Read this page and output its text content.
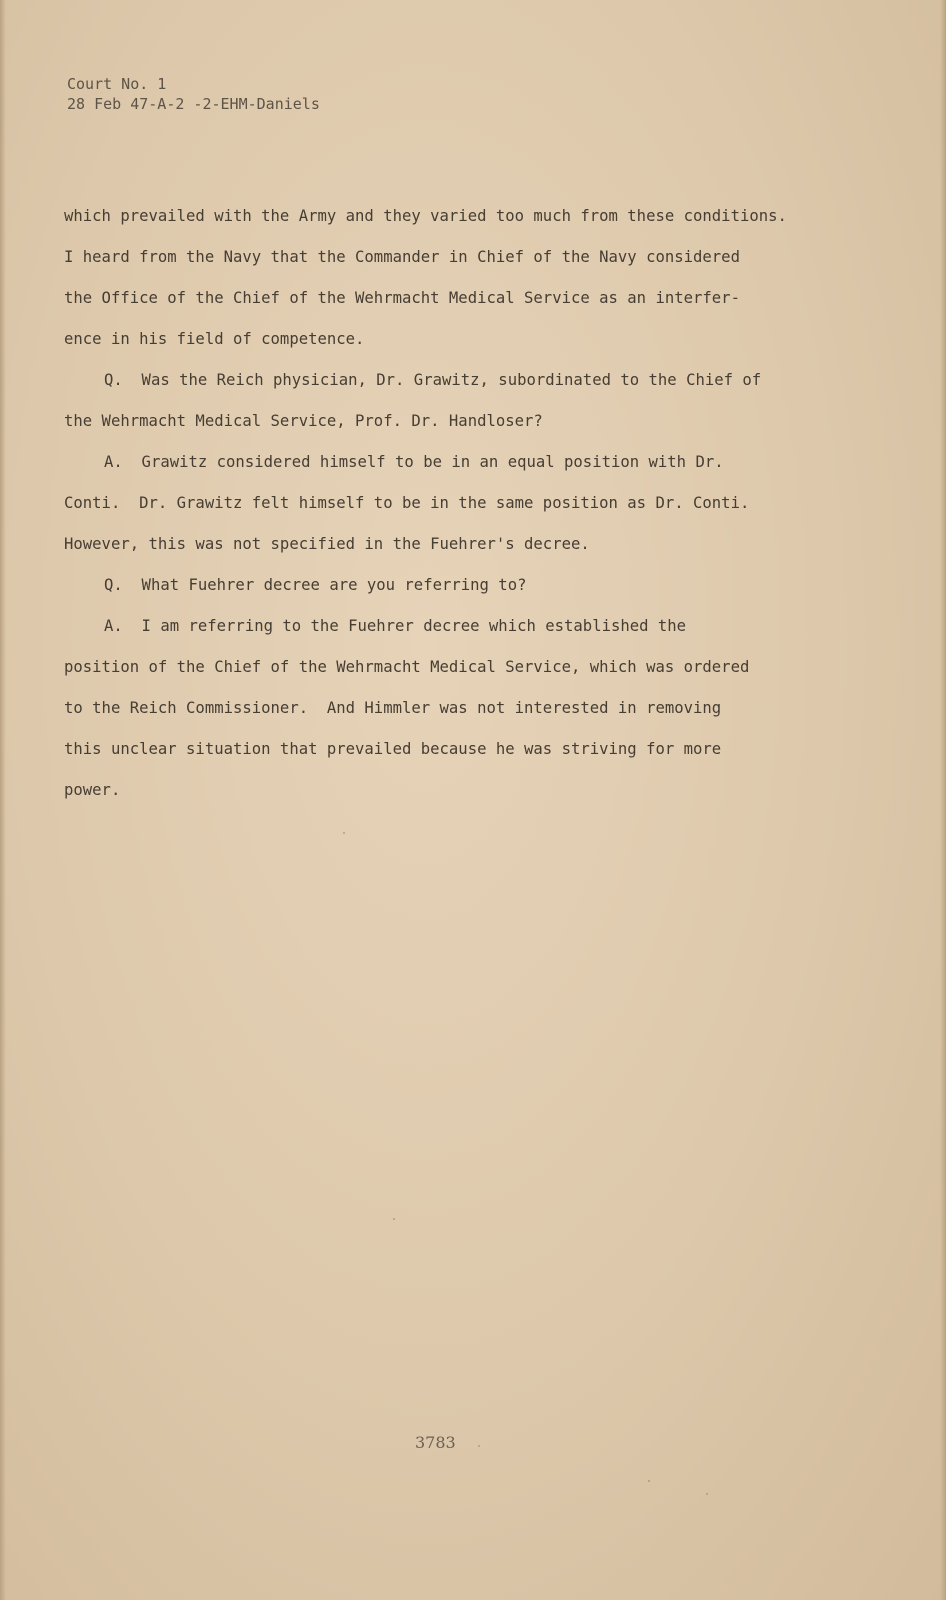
Court No. 1
28 Feb 47-A-2 -2-EHM-Daniels
which prevailed with the Army and they varied too much from these conditions.
I heard from the Navy that the Commander in Chief of the Navy considered
the Office of the Chief of the Wehrmacht Medical Service as an interfer-
ence in his field of competence.
Q.  Was the Reich physician, Dr. Grawitz, subordinated to the Chief of
the Wehrmacht Medical Service, Prof. Dr. Handloser?
A.  Grawitz considered himself to be in an equal position with Dr.
Conti.  Dr. Grawitz felt himself to be in the same position as Dr. Conti.
However, this was not specified in the Fuehrer's decree.
Q.  What Fuehrer decree are you referring to?
A.  I am referring to the Fuehrer decree which established the
position of the Chief of the Wehrmacht Medical Service, which was ordered
to the Reich Commissioner.  And Himmler was not interested in removing
this unclear situation that prevailed because he was striving for more
power.
3783
